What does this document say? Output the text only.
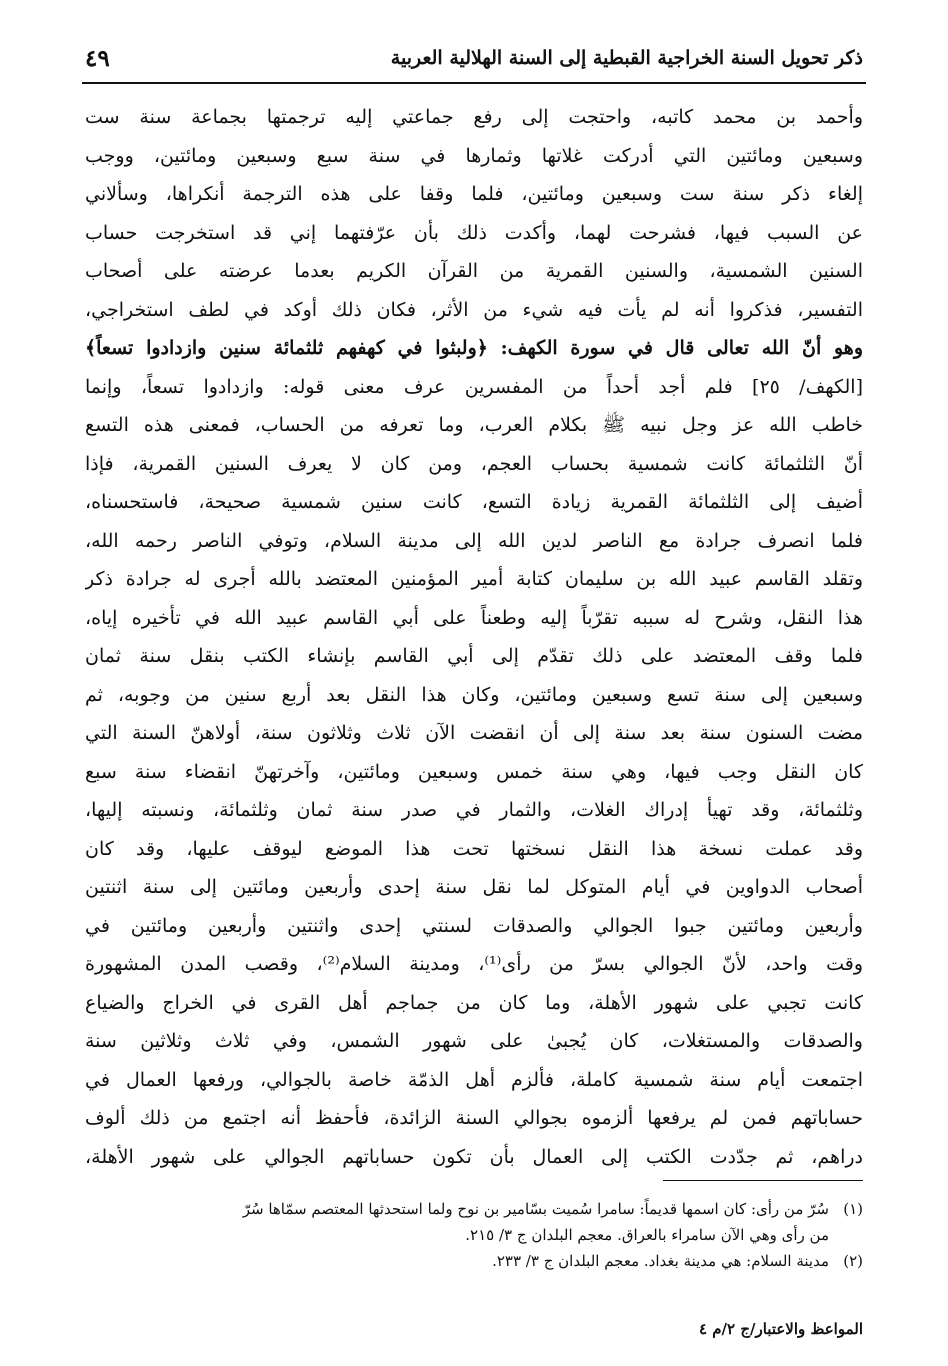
ذكر تحويل السنة الخراجية القبطية إلى السنة الهلالية العربية
٤٩
وأحمد بن محمد كاتبه، واحتجت إلى رفع جماعتي إليه ترجمتها بجماعة سنة ست
وسبعين ومائتين التي أدركت غلاتها وثمارها في سنة سبع وسبعين ومائتين، ووجب
إلغاء ذكر سنة ست وسبعين ومائتين، فلما وقفا على هذه الترجمة أنكراها، وسألاني
عن السبب فيها، فشرحت لهما، وأكدت ذلك بأن عرّفتهما إني قد استخرجت حساب
السنين الشمسية، والسنين القمرية من القرآن الكريم بعدما عرضته على أصحاب
التفسير، فذكروا أنه لم يأت فيه شيء من الأثر، فكان ذلك أوكد في لطف استخراجي،
وهو أنّ الله تعالى قال في سورة الكهف: ﴿ولبثوا في كهفهم ثلثمائة سنين وازدادوا تسعاً﴾
[الكهف/ ٢٥] فلم أجد أحداً من المفسرين عرف معنى قوله: وازدادوا تسعاً، وإنما
خاطب الله عز وجل نبيه ﷺ بكلام العرب، وما تعرفه من الحساب، فمعنى هذه التسع
أنّ الثلثمائة كانت شمسية بحساب العجم، ومن كان لا يعرف السنين القمرية، فإذا
أضيف إلى الثلثمائة القمرية زيادة التسع، كانت سنين شمسية صحيحة، فاستحسناه،
فلما انصرف جرادة مع الناصر لدين الله إلى مدينة السلام، وتوفي الناصر رحمه الله،
وتقلد القاسم عبيد الله بن سليمان كتابة أمير المؤمنين المعتضد بالله أجرى له جرادة ذكر
هذا النقل، وشرح له سببه تقرّباً إليه وطعناً على أبي القاسم عبيد الله في تأخيره إياه،
فلما وقف المعتضد على ذلك تقدّم إلى أبي القاسم بإنشاء الكتب بنقل سنة ثمان
وسبعين إلى سنة تسع وسبعين ومائتين، وكان هذا النقل بعد أربع سنين من وجوبه، ثم
مضت السنون سنة بعد سنة إلى أن انقضت الآن ثلاث وثلاثون سنة، أولاهنّ السنة التي
كان النقل وجب فيها، وهي سنة خمس وسبعين ومائتين، وآخرتهنّ انقضاء سنة سبع
وثلثمائة، وقد تهيأ إدراك الغلات، والثمار في صدر سنة ثمان وثلثمائة، ونسبته إليها،
وقد عملت نسخة هذا النقل نسختها تحت هذا الموضع ليوقف عليها، وقد كان
أصحاب الدواوين في أيام المتوكل لما نقل سنة إحدى وأربعين ومائتين إلى سنة اثنتين
وأربعين ومائتين جبوا الجوالي والصدقات لسنتي إحدى واثنتين وأربعين ومائتين في
وقت واحد، لأنّ الجوالي بسرّ من رأى⁽¹⁾، ومدينة السلام⁽²⁾، وقصب المدن المشهورة
كانت تجبي على شهور الأهلة، وما كان من جماجم أهل القرى في الخراج والضياع
والصدقات والمستغلات، كان يُجبىٰ على شهور الشمس، وفي ثلاث وثلاثين سنة
اجتمعت أيام سنة شمسية كاملة، فألزم أهل الذمّة خاصة بالجوالي، ورفعها العمال في
حساباتهم فمن لم يرفعها ألزموه بجوالي السنة الزائدة، فأحفظ أنه اجتمع من ذلك ألوف
دراهم، ثم جدّدت الكتب إلى العمال بأن تكون حساباتهم الجوالي على شهور الأهلة،
(١)
سُرّ من رأى: كان اسمها قديماً: سامرا سُميت بسّامير بن نوح ولما استحدثها المعتصم سمّاها سُرّ
من رأى وهي الآن سامراء بالعراق. معجم البلدان ج ٣/ ٢١٥.
(٢)
مدينة السلام: هي مدينة بغداد. معجم البلدان ج ٣/ ٢٣٣.
المواعظ والاعتبار/ج ٢/م ٤
